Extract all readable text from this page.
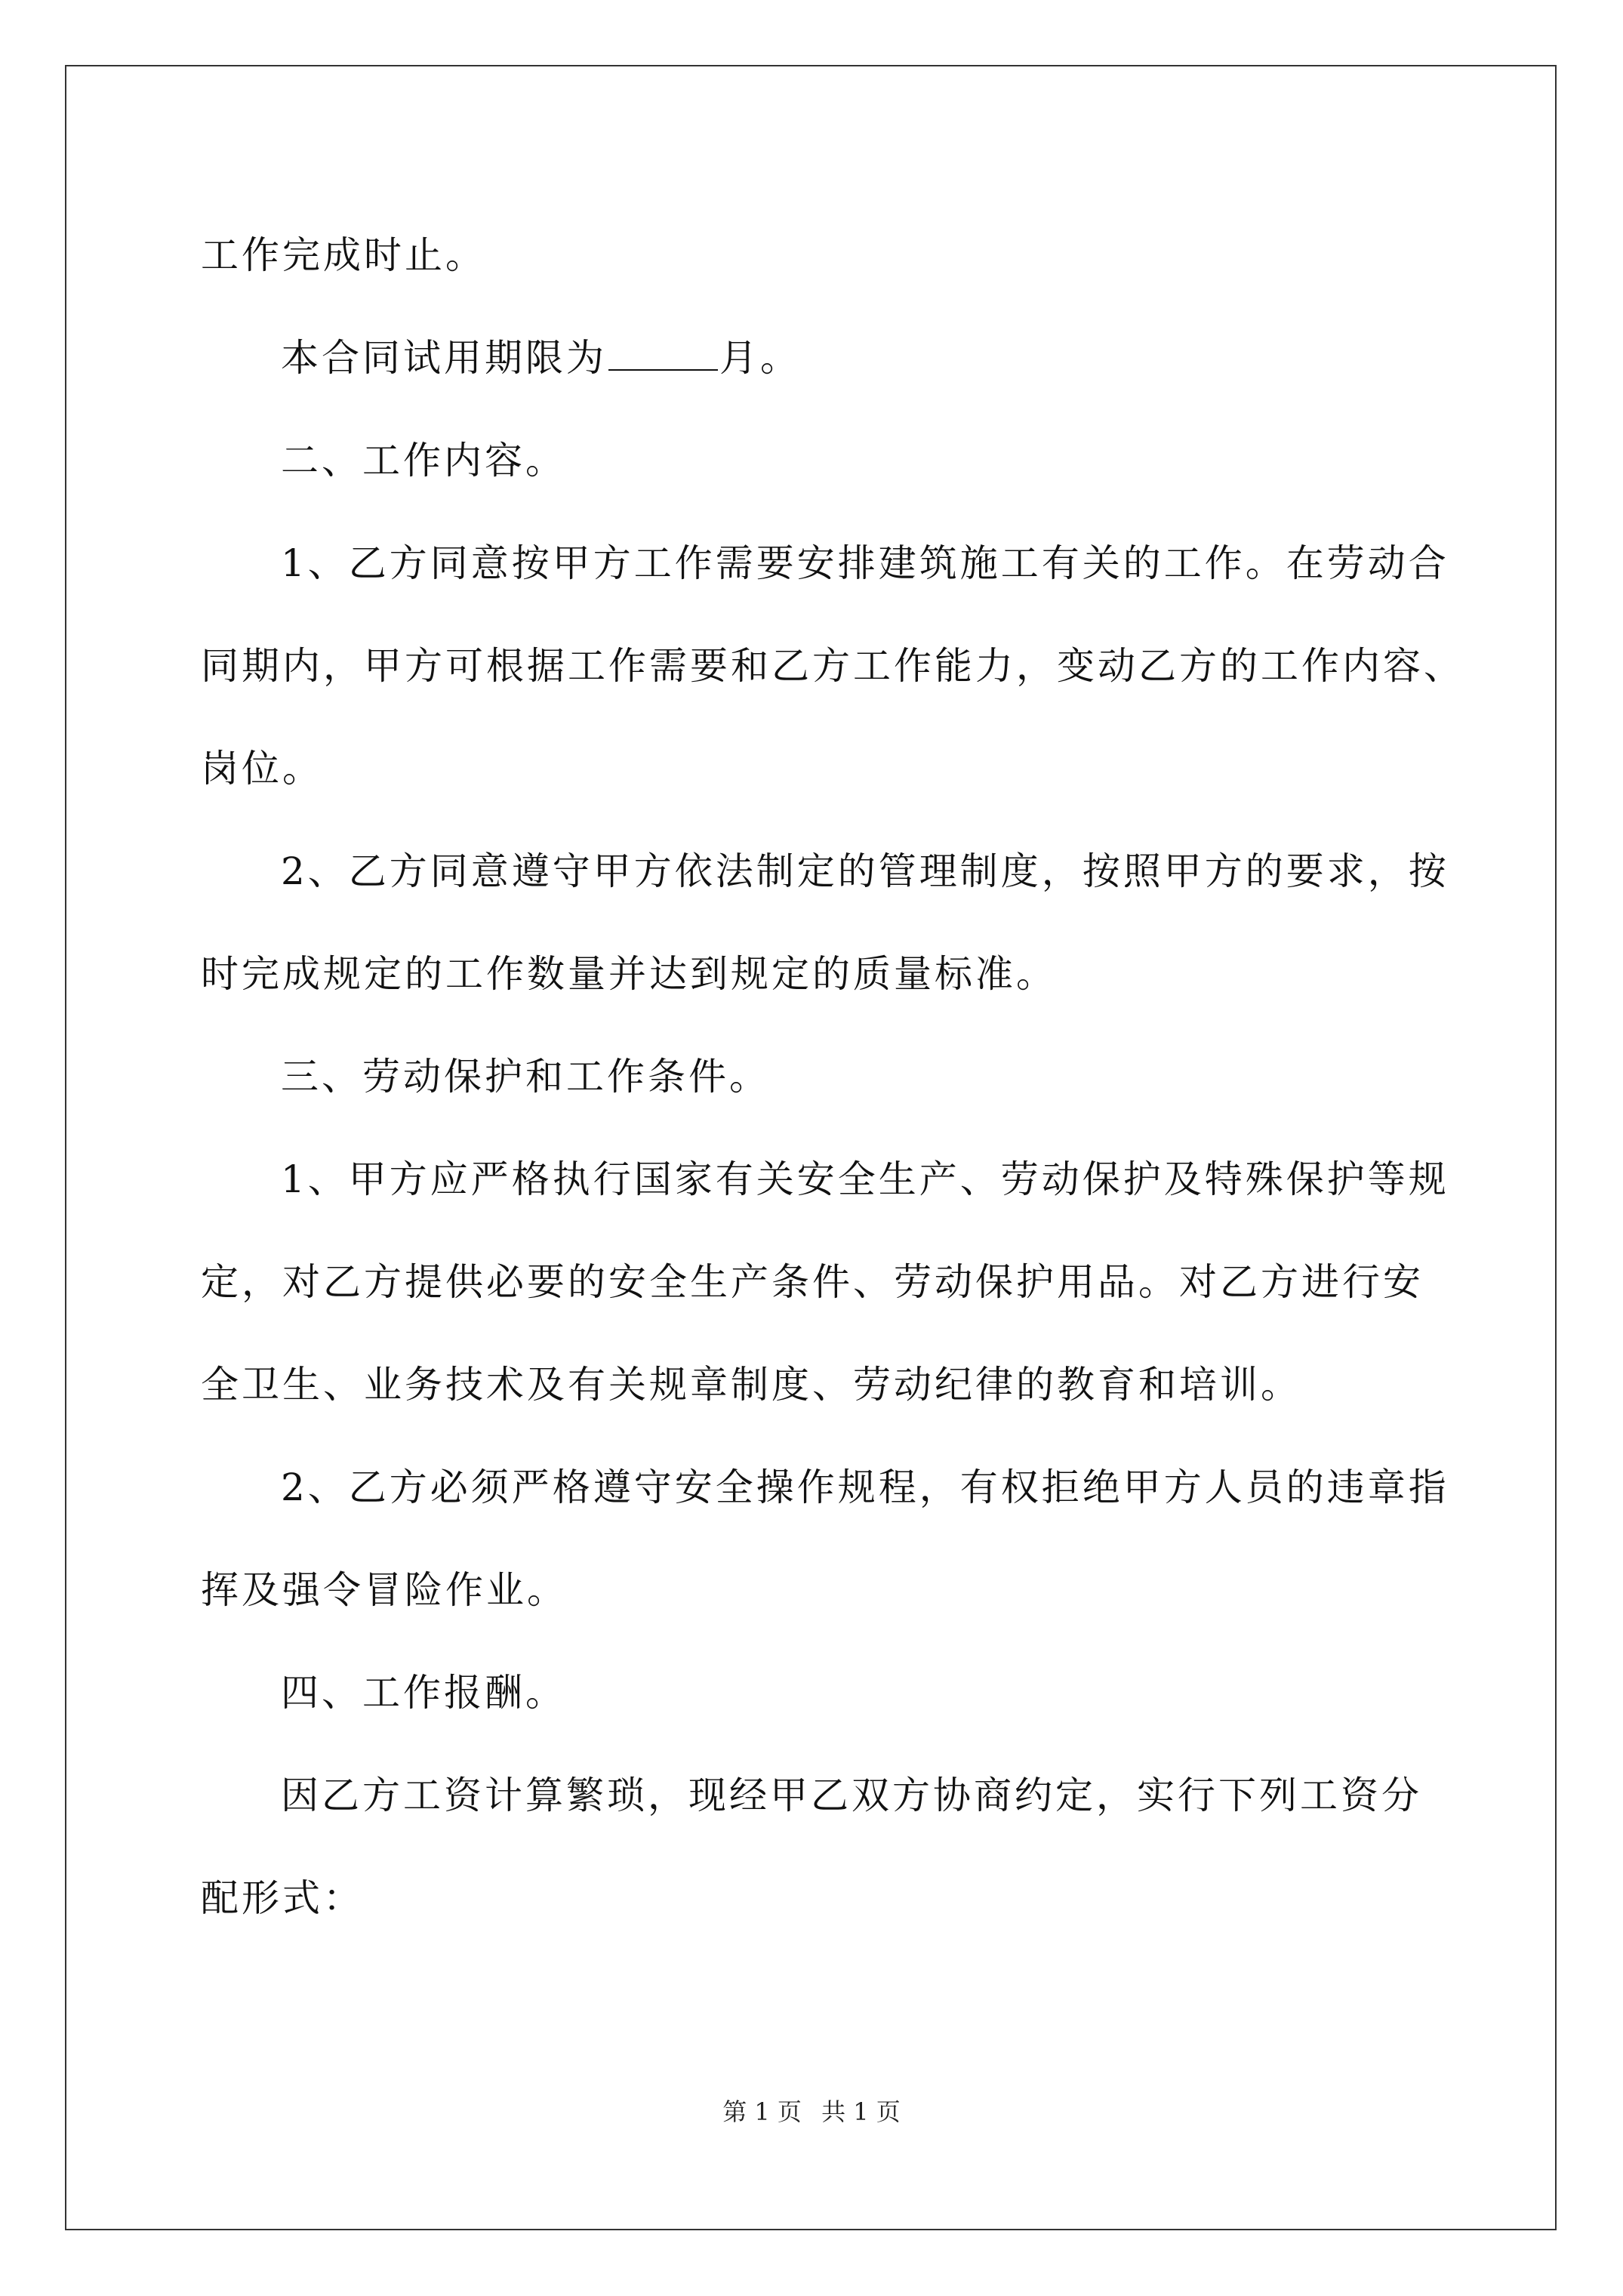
工作完成时止。

本合同试用期限为	月。

二、工作内容。

1、乙方同意按甲方工作需要安排建筑施工有关的工作。在劳动合

同期内，甲方可根据工作需要和乙方工作能力，变动乙方的工作内容、

岗位。

2、乙方同意遵守甲方依法制定的管理制度，按照甲方的要求，按

时完成规定的工作数量并达到规定的质量标准。

三、劳动保护和工作条件。

1、甲方应严格执行国家有关安全生产、劳动保护及特殊保护等规

定，对乙方提供必要的安全生产条件、劳动保护用品。对乙方进行安

全卫生、业务技术及有关规章制度、劳动纪律的教育和培训。

2、乙方必须严格遵守安全操作规程，有权拒绝甲方人员的违章指

挥及强令冒险作业。

四、工作报酬。

因乙方工资计算繁琐，现经甲乙双方协商约定，实行下列工资分

配形式：

第 1 页 共 1 页
